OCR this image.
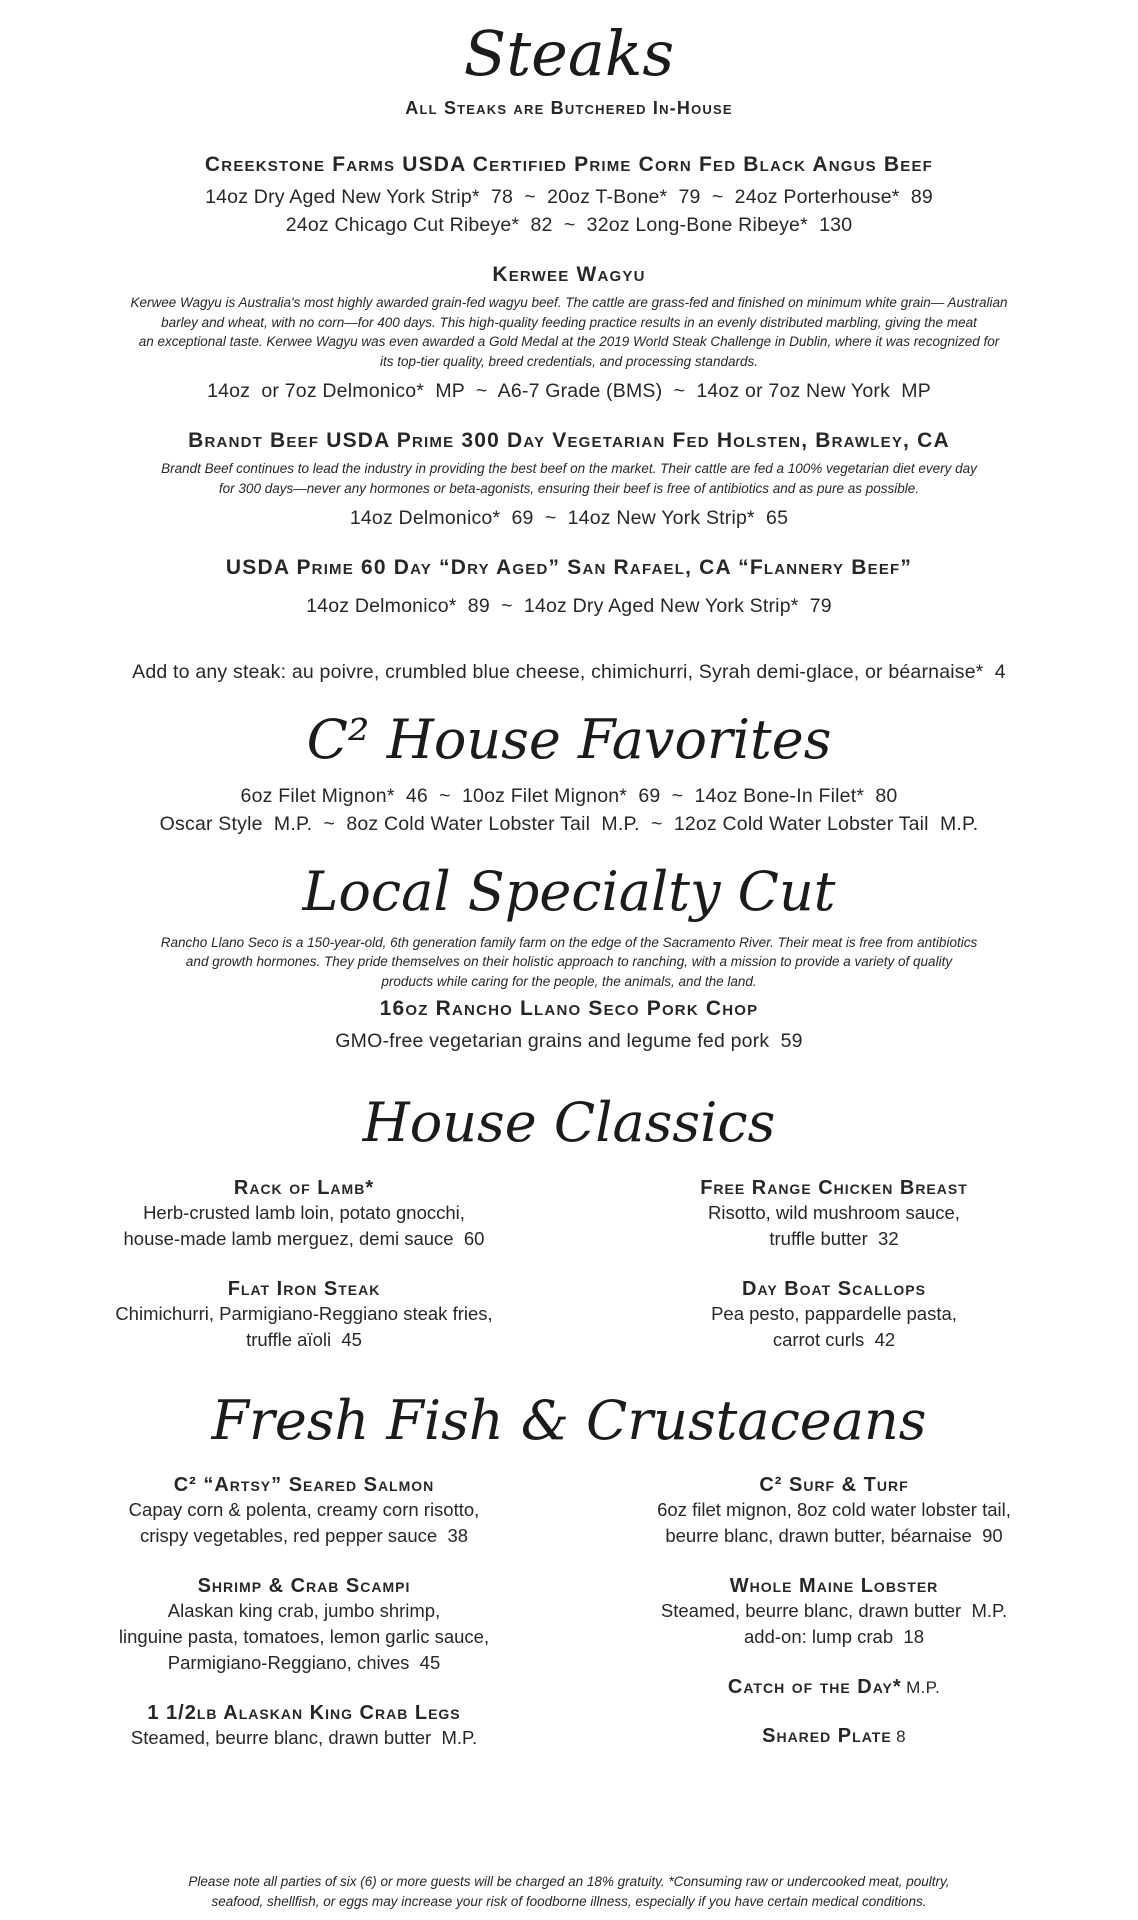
Steaks
All Steaks are Butchered In-House
Creekstone Farms USDA Certified Prime Corn Fed Black Angus Beef
14oz Dry Aged New York Strip*  78  ~  20oz T-Bone*  79  ~  24oz Porterhouse*  89
24oz Chicago Cut Ribeye*  82  ~  32oz Long-Bone Ribeye*  130
Kerwee Wagyu
Kerwee Wagyu is Australia's most highly awarded grain-fed wagyu beef. The cattle are grass-fed and finished on minimum white grain— Australian
barley and wheat, with no corn—for 400 days. This high-quality feeding practice results in an evenly distributed marbling, giving the meat
an exceptional taste. Kerwee Wagyu was even awarded a Gold Medal at the 2019 World Steak Challenge in Dublin, where it was recognized for
its top-tier quality, breed credentials, and processing standards.
14oz  or 7oz Delmonico*  MP  ~  A6-7 Grade (BMS)  ~  14oz or 7oz New York  MP
Brandt Beef USDA Prime 300 Day Vegetarian Fed Holsten, Brawley, CA
Brandt Beef continues to lead the industry in providing the best beef on the market. Their cattle are fed a 100% vegetarian diet every day
for 300 days—never any hormones or beta-agonists, ensuring their beef is free of antibiotics and as pure as possible.
14oz Delmonico*  69  ~  14oz New York Strip*  65
USDA Prime 60 Day “Dry Aged” San Rafael, CA “Flannery Beef”
14oz Delmonico*  89  ~  14oz Dry Aged New York Strip*  79
Add to any steak: au poivre, crumbled blue cheese, chimichurri, Syrah demi-glace, or béarnaise*  4
C² House Favorites
6oz Filet Mignon*  46  ~  10oz Filet Mignon*  69  ~  14oz Bone-In Filet*  80
Oscar Style  M.P.  ~  8oz Cold Water Lobster Tail  M.P.  ~  12oz Cold Water Lobster Tail  M.P.
Local Specialty Cut
Rancho Llano Seco is a 150-year-old, 6th generation family farm on the edge of the Sacramento River. Their meat is free from antibiotics
and growth hormones. They pride themselves on their holistic approach to ranching, with a mission to provide a variety of quality
products while caring for the people, the animals, and the land.
16oz Rancho Llano Seco Pork Chop
GMO-free vegetarian grains and legume fed pork  59
House Classics
Rack of Lamb*
Herb-crusted lamb loin, potato gnocchi,
house-made lamb merguez, demi sauce  60
Flat Iron Steak
Chimichurri, Parmigiano-Reggiano steak fries,
truffle aïoli  45
Free Range Chicken Breast
Risotto, wild mushroom sauce,
truffle butter  32
Day Boat Scallops
Pea pesto, pappardelle pasta,
carrot curls  42
Fresh Fish & Crustaceans
C² “Artsy” Seared Salmon
Capay corn & polenta, creamy corn risotto,
crispy vegetables, red pepper sauce  38
Shrimp & Crab Scampi
Alaskan king crab, jumbo shrimp,
linguine pasta, tomatoes, lemon garlic sauce,
Parmigiano-Reggiano, chives  45
1 1/2lb Alaskan King Crab Legs
Steamed, beurre blanc, drawn butter  M.P.
C² Surf & Turf
6oz filet mignon, 8oz cold water lobster tail,
beurre blanc, drawn butter, béarnaise  90
Whole Maine Lobster
Steamed, beurre blanc, drawn butter  M.P.
add-on: lump crab  18
Catch of the Day* M.P.
Shared Plate 8
Please note all parties of six (6) or more guests will be charged an 18% gratuity. *Consuming raw or undercooked meat, poultry,
seafood, shellfish, or eggs may increase your risk of foodborne illness, especially if you have certain medical conditions.
